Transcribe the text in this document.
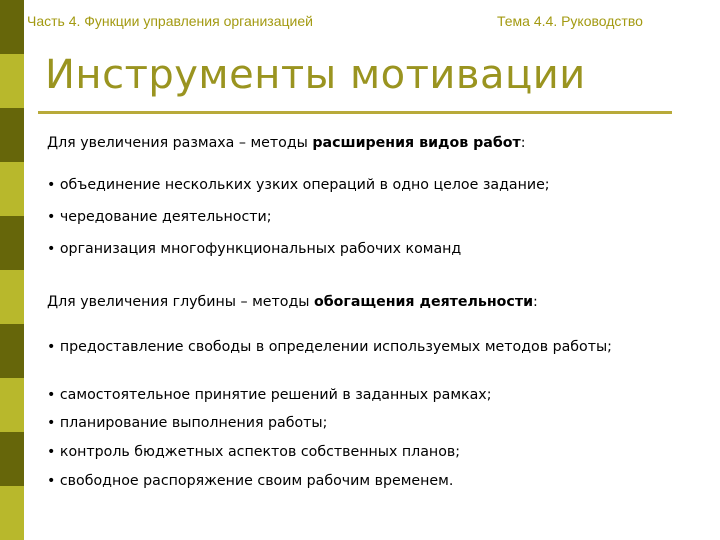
Часть 4. Функции управления организацией	Тема 4.4. Руководство
Инструменты мотивации

Для увеличения размаха – методы расширения видов работ:

• объединение нескольких узких операций в одно целое задание;
• чередование деятельности;
• организация многофункциональных рабочих команд

Для увеличения глубины – методы обогащения деятельности:

• предоставление свободы в определении используемых методов работы;
• самостоятельное принятие решений в заданных рамках;
• планирование выполнения работы;
• контроль бюджетных аспектов собственных планов;
• свободное распоряжение своим рабочим временем.
